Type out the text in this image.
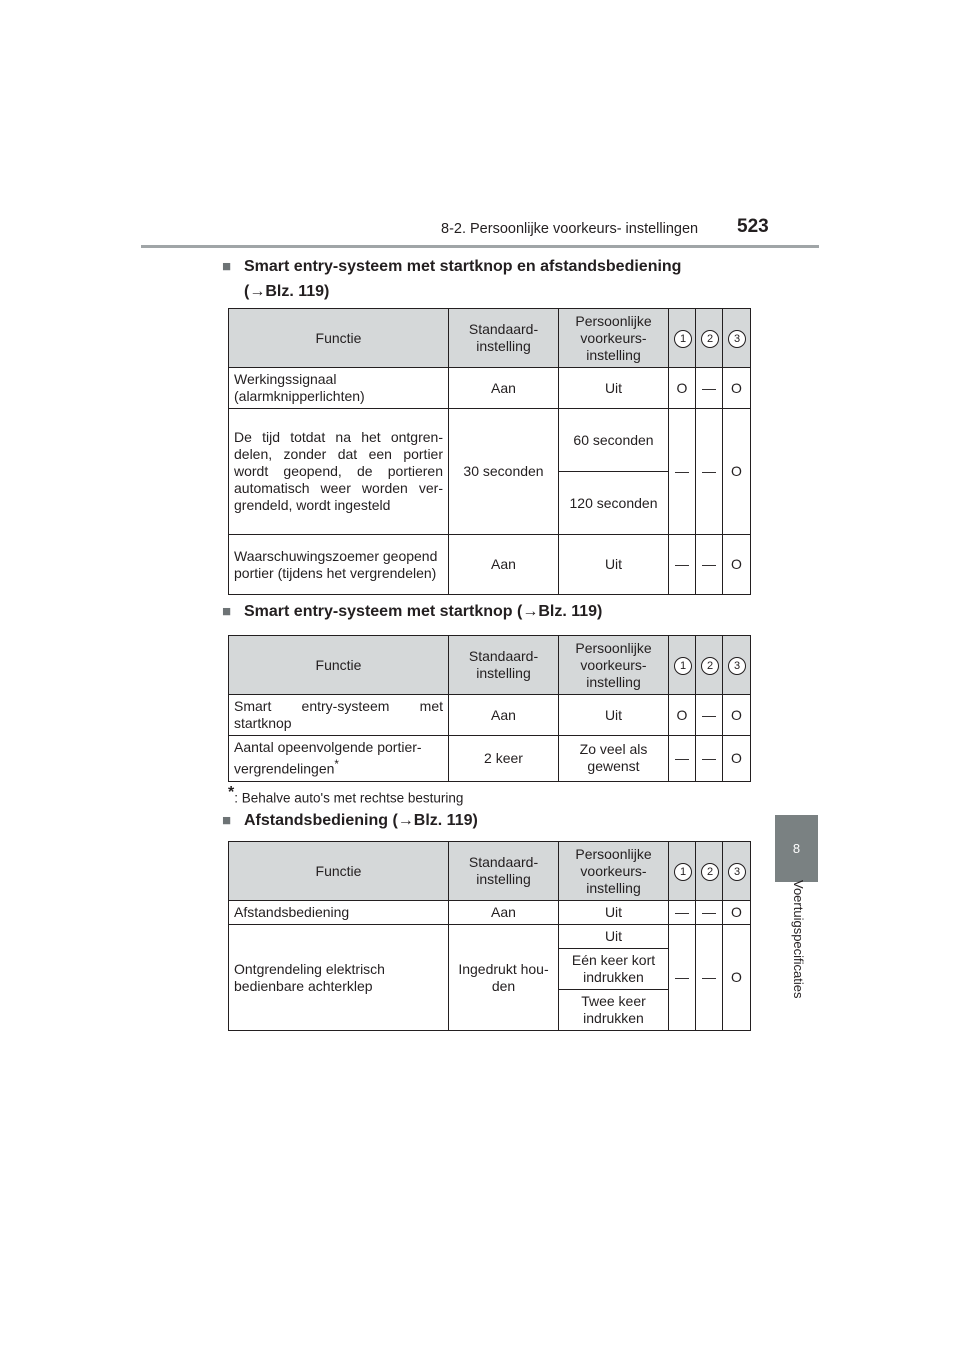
8-2. Persoonlijke voorkeurs- instellingen 523
8
Voertuigspecificaties
■ Smart entry-systeem met startknop en afstandsbediening
(→Blz. 119)
Functie	Standaard-instelling	Persoonlijke voorkeurs-instelling	1	2	3
Werkingssignaal (alarmknipperlichten)	Aan	Uit	O	—	O
De tijd totdat na het ontgren-delen, zonder dat een portier wordt geopend, de portieren automatisch weer worden ver-grendeld, wordt ingesteld	30 seconden	60 seconden	—	—	O
		120 seconden			
Waarschuwingszoemer geopend portier (tijdens het vergrendelen)	Aan	Uit	—	—	O
■ Smart entry-systeem met startknop (→Blz. 119)
Functie	Standaard-instelling	Persoonlijke voorkeurs-instelling	1	2	3
Smart entry-systeem met startknop	Aan	Uit	O	—	O
Aantal opeenvolgende portier-vergrendelingen*	2 keer	Zo veel als gewenst	—	—	O
*: Behalve auto's met rechtse besturing
■ Afstandsbediening (→Blz. 119)
Functie	Standaard-instelling	Persoonlijke voorkeurs-instelling	1	2	3
Afstandsbediening	Aan	Uit	—	—	O
Ontgrendeling elektrisch bedienbare achterklep	Ingedrukt hou-den	Uit	—	—	O
		Eén keer kort indrukken			
		Twee keer indrukken			
